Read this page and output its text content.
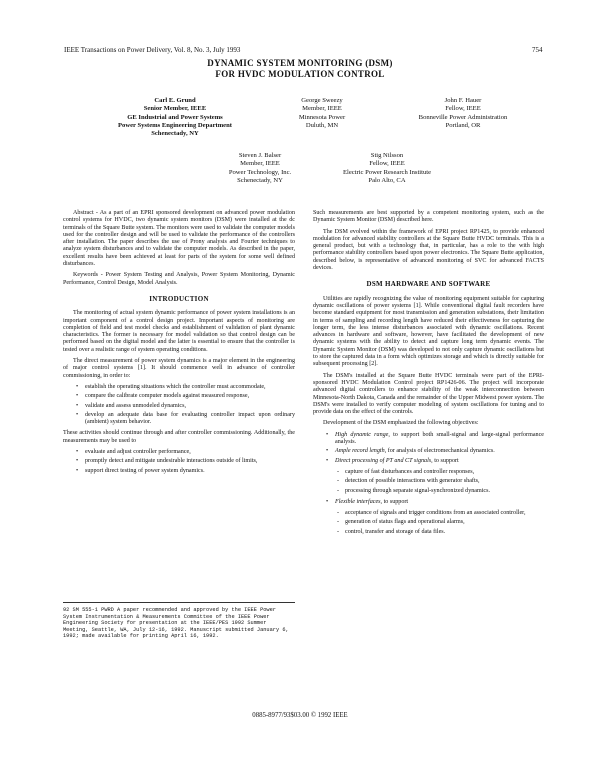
IEEE Transactions on Power Delivery, Vol. 8, No. 3, July 1993	754
DYNAMIC SYSTEM MONITORING (DSM)
FOR HVDC MODULATION CONTROL
Carl E. Grund
Senior Member, IEEE
GE Industrial and Power Systems
Power Systems Engineering Department
Schenectady, NY
George Sweezy
Member, IEEE
Minnesota Power
Duluth, MN
John F. Hauer
Fellow, IEEE
Bonneville Power Administration
Portland, OR
Steven J. Balser
Member, IEEE
Power Technology, Inc.
Schenectady, NY
Stig Nilsson
Fellow, IEEE
Electric Power Research Institute
Palo Alto, CA

Abstract - As a part of an EPRI sponsored development on advanced power modulation control systems for HVDC, two dynamic system monitors (DSM) were installed at the dc terminals of the Square Butte system. The monitors were used to validate the computer models used for the controller design and will be used to validate the performance of the controllers after installation. The paper describes the use of Prony analysis and Fourier techniques to analyze system disturbances and to validate the computer models. As described in the paper, excellent results have been achieved at least for parts of the system for some well defined disturbances.

Keywords - Power System Testing and Analysis, Power System Monitoring, Dynamic Performance, Control Design, Model Analysis.

INTRODUCTION

The monitoring of actual system dynamic performance of power system installations is an important component of a control design project. Important aspects of monitoring are completion of field and test model checks and establishment of validation of plant dynamic characteristics. The former is necessary for model validation so that control design can be performed based on the digital model and the latter is essential to ensure that the controller is tested over a realistic range of system operating conditions.

The direct measurement of power system dynamics is a major element in the engineering of major control systems [1]. It should commence well in advance of controller commissioning, in order to:

• establish the operating situations which the controller must accommodate,
• compare the calibrate computer models against measured response,
• validate and assess unmodeled dynamics,
• develop an adequate data base for evaluating controller impact upon ordinary (ambient) system behavior.

These activities should continue through and after controller commissioning. Additionally, the measurements may be used to

• evaluate and adjust controller performance,
• promptly detect and mitigate undesirable interactions outside of limits,
• support direct testing of power system dynamics.
92 SM 555-1 PWRD A paper recommended and approved by the IEEE Power System Instrumentation & Measurements Committee of the IEEE Power Engineering Society for presentation at the IEEE/PES 1992 Summer Meeting, Seattle, WA, July 12-16, 1992. Manuscript submitted January 6, 1992; made available for printing April 16, 1992.

Such measurements are best supported by a competent monitoring system, such as the Dynamic System Monitor (DSM) described here.

The DSM evolved within the framework of EPRI project RP1425, to provide enhanced modulation for advanced stability controllers at the Square Butte HVDC terminals. This is a general product, but with a technology that, in particular, has a role to the with high performance stability controllers based upon power electronics. The Square Butte application, described below, is representative of advanced monitoring of SVC for advanced FACTS devices.

DSM HARDWARE AND SOFTWARE

Utilities are rapidly recognizing the value of monitoring equipment suitable for capturing dynamic oscillations of power systems [1]. While conventional digital fault recorders have become standard equipment for most transmission and generation substations, their limitation in terms of sampling and recording length have reduced their effectiveness for capturing the longer term, the less intense disturbances associated with dynamic oscillations. Recent advances in hardware and software, however, have facilitated the development of new dynamic systems with the ability to detect and capture long term dynamic events. The Dynamic System Monitor (DSM) was developed to not only capture dynamic oscillations but to store the captured data in a form which optimizes storage and which is directly suitable for subsequent processing [2].

The DSM's installed at the Square Butte HVDC terminals were part of the EPRI-sponsored HVDC Modulation Control project RP1426-06. The project will incorporate advanced digital controllers to enhance stability of the weak interconnection between Minnesota-North Dakota, Canada and the remainder of the Upper Midwest power system. The DSM's were installed to verify computer modeling of system oscillations for tuning and to provide data on the effect of the controls.

Development of the DSM emphasized the following objectives:

• High dynamic range, to support both small-signal and large-signal performance analysis.
• Ample record length, for analysis of electromechanical dynamics.
• Direct processing of PT and CT signals, to support
- capture of fast disturbances and controller responses,
- detection of possible interactions with generator shafts,
- processing through separate signal-synchronized dynamics.
• Flexible interfaces, to support
- acceptance of signals and trigger conditions from an associated controller,
- generation of status flags and operational alarms,
- control, transfer and storage of data files.
0885-8977/93$03.00 © 1992 IEEE
